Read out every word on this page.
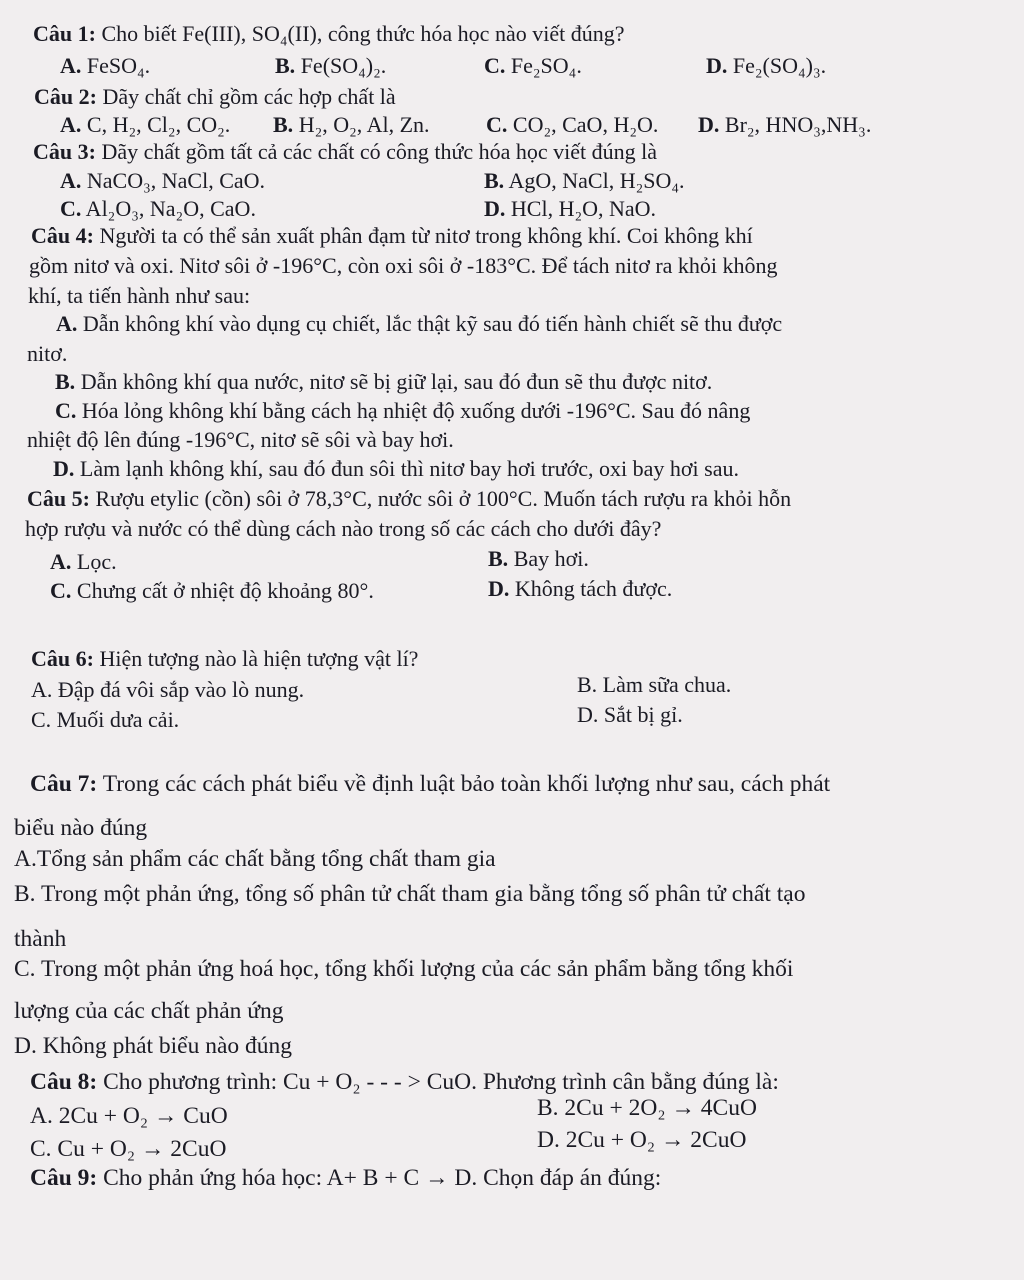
Câu 1: Cho biết Fe(III), SO₄(II), công thức hóa học nào viết đúng?
A. FeSO₄.	B. Fe(SO₄)₂.	C. Fe₂SO₄.	D. Fe₂(SO₄)₃.
Câu 2: Dãy chất chỉ gồm các hợp chất là
A. C, H₂, Cl₂, CO₂. B. H₂, O₂, Al, Zn.	C. CO₂, CaO, H₂O. D. Br₂, HNO₃,NH₃.
Câu 3: Dãy chất gồm tất cả các chất có công thức hóa học viết đúng là
A. NaCO₃, NaCl, CaO.	B. AgO, NaCl, H₂SO₄.
C. Al₂O₃, Na₂O, CaO.	D. HCl, H₂O, NaO.
Câu 4: Người ta có thể sản xuất phân đạm từ nitơ trong không khí. Coi không khí
gồm nitơ và oxi. Nitơ sôi ở -196°C, còn oxi sôi ở -183°C. Để tách nitơ ra khỏi không
khí, ta tiến hành như sau:
A. Dẫn không khí vào dụng cụ chiết, lắc thật kỹ sau đó tiến hành chiết sẽ thu được
nitơ.
B. Dẫn không khí qua nước, nitơ sẽ bị giữ lại, sau đó đun sẽ thu được nitơ.
C. Hóa lỏng không khí bằng cách hạ nhiệt độ xuống dưới -196°C. Sau đó nâng
nhiệt độ lên đúng -196°C, nitơ sẽ sôi và bay hơi.
D. Làm lạnh không khí, sau đó đun sôi thì nitơ bay hơi trước, oxi bay hơi sau.
Câu 5: Rượu etylic (cồn) sôi ở 78,3°C, nước sôi ở 100°C. Muốn tách rượu ra khỏi hỗn
hợp rượu và nước có thể dùng cách nào trong số các cách cho dưới đây?
A. Lọc.	B. Bay hơi.
C. Chưng cất ở nhiệt độ khoảng 80°.	D. Không tách được.
Câu 6: Hiện tượng nào là hiện tượng vật lí?
A. Đập đá vôi sắp vào lò nung.	B. Làm sữa chua.
C. Muối dưa cải.	D. Sắt bị gỉ.
Câu 7: Trong các cách phát biểu về định luật bảo toàn khối lượng như sau, cách phát
biểu nào đúng
A.Tổng sản phẩm các chất bằng tổng chất tham gia
B. Trong một phản ứng, tổng số phân tử chất tham gia bằng tổng số phân tử chất tạo
thành
C. Trong một phản ứng hoá học, tổng khối lượng của các sản phẩm bằng tổng khối
lượng của các chất phản ứng
D. Không phát biểu nào đúng
Câu 8: Cho phương trình: Cu + O₂ - - - > CuO. Phương trình cân bằng đúng là:
A. 2Cu + O₂ → CuO	B. 2Cu + 2O₂ → 4CuO
C. Cu + O₂ → 2CuO	D. 2Cu + O₂ → 2CuO
Câu 9: Cho phản ứng hóa học: A+ B + C → D. Chọn đáp án đúng:
